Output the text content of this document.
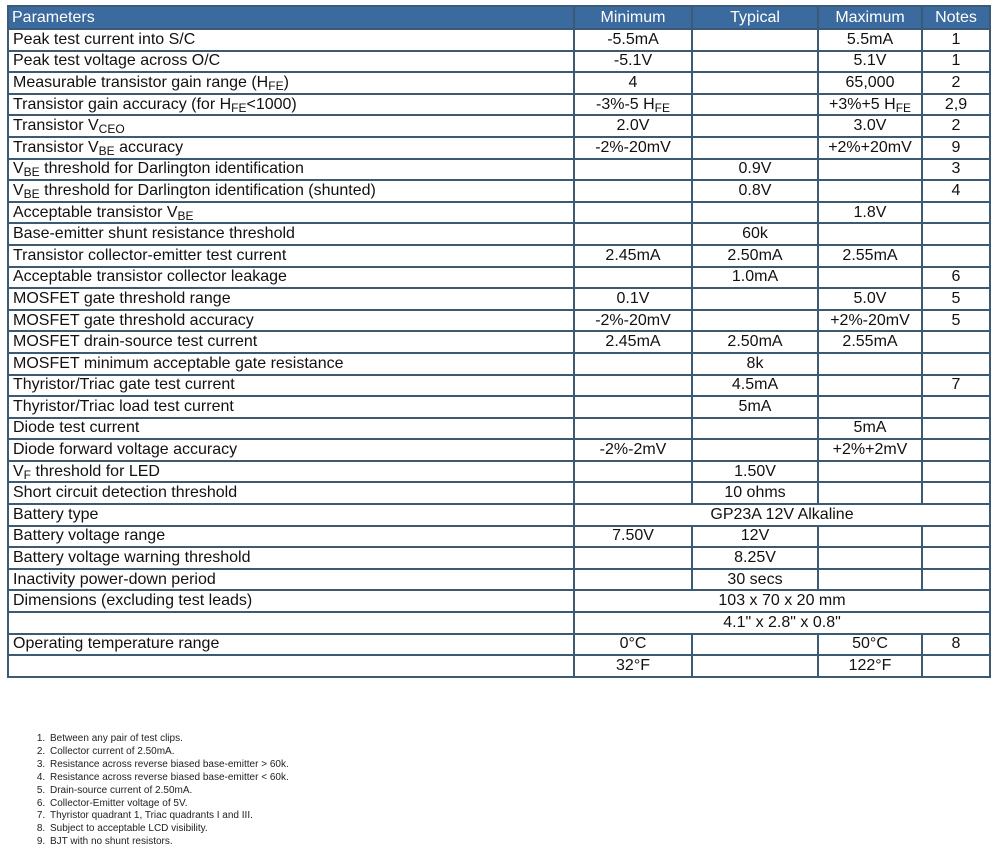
Parameters	Minimum	Typical	Maximum	Notes
Peak test current into S/C	-5.5mA		5.5mA	1
Peak test voltage across O/C	-5.1V		5.1V	1
Measurable transistor gain range $(H_{FE})$	4		65,000	2
Transistor gain accuracy (for $H_{FE}<1000$)	-3%-5 $H_{FE}$		+3%+5 $H_{FE}$	2,9
Transistor $V_{CEO}$	2.0V		3.0V	2
Transistor $V_{BE}$ accuracy	-2%-20mV		+2%+20mV	9
$V_{BE}$ threshold for Darlington identification		0.9V		3
$V_{BE}$ threshold for Darlington identification (shunted)		0.8V		4
Acceptable transistor $V_{BE}$			1.8V	
Base-emitter shunt resistance threshold		60k		
Transistor collector-emitter test current	2.45mA	2.50mA	2.55mA	
Acceptable transistor collector leakage		1.0mA		6
MOSFET gate threshold range	0.1V		5.0V	5
MOSFET gate threshold accuracy	-2%-20mV		+2%-20mV	5
MOSFET drain-source test current	2.45mA	2.50mA	2.55mA	
MOSFET minimum acceptable gate resistance		8k		
Thyristor/Triac gate test current		4.5mA		7
Thyristor/Triac load test current		5mA		
Diode test current			5mA	
Diode forward voltage accuracy	-2%-2mV		+2%+2mV	
$V_F$ threshold for LED		1.50V		
Short circuit detection threshold		10 ohms		
Battery type	GP23A 12V Alkaline			
Battery voltage range	7.50V	12V		
Battery voltage warning threshold		8.25V		
Inactivity power-down period		30 secs		
Dimensions (excluding test leads)	103 x 70 x 20 mm			
	4.1" x 2.8" x 0.8"			
Operating temperature range	0°C		50°C	8
	32°F		122°F	
1. Between any pair of test clips.
2. Collector current of 2.50mA.
3. Resistance across reverse biased base-emitter > 60k.
4. Resistance across reverse biased base-emitter < 60k.
5. Drain-source current of 2.50mA.
6. Collector-Emitter voltage of 5V.
7. Thyristor quadrant 1, Triac quadrants I and III.
8. Subject to acceptable LCD visibility.
9. BJT with no shunt resistors.
